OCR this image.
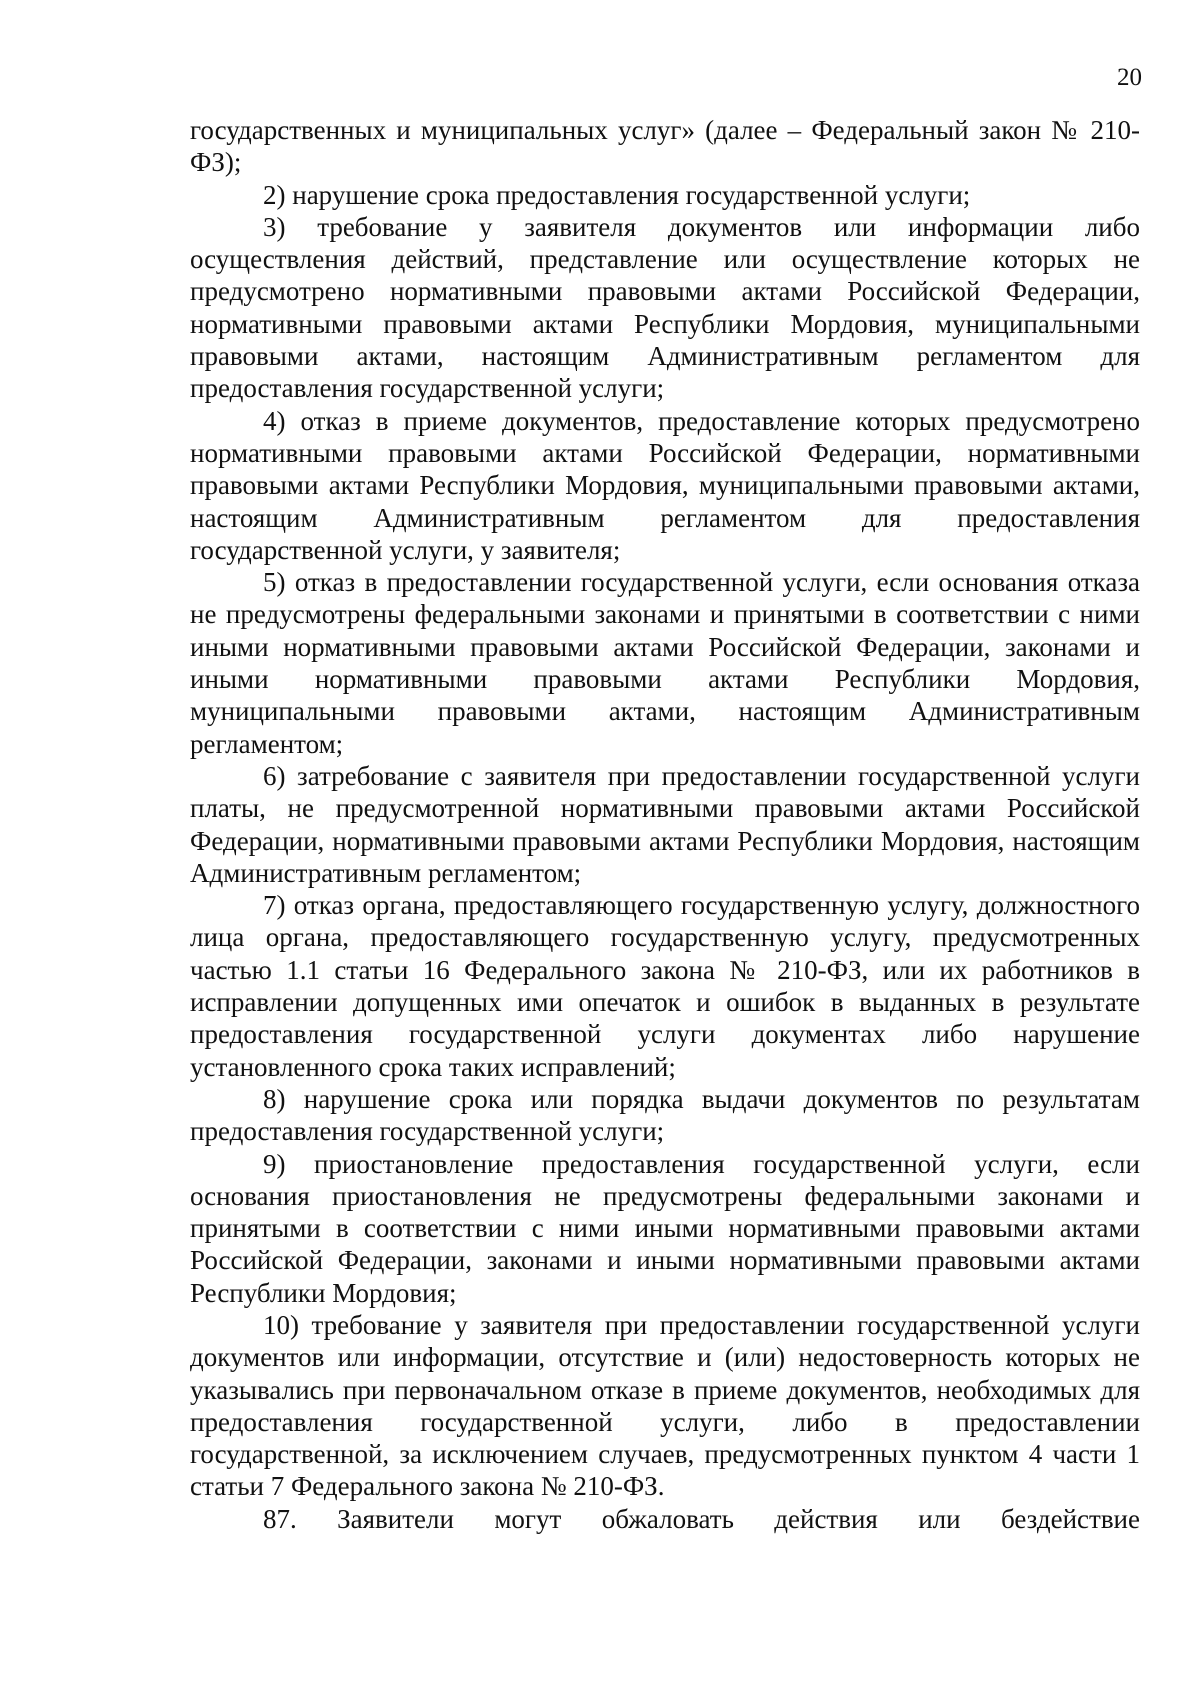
20

государственных и муниципальных услуг» (далее – Федеральный закон № 210-ФЗ);

2) нарушение срока предоставления государственной услуги;

3) требование у заявителя документов или информации либо осуществления действий, представление или осуществление которых не предусмотрено нормативными правовыми актами Российской Федерации, нормативными правовыми актами Республики Мордовия, муниципальными правовыми актами, настоящим Административным регламентом для предоставления государственной услуги;

4) отказ в приеме документов, предоставление которых предусмотрено нормативными правовыми актами Российской Федерации, нормативными правовыми актами Республики Мордовия, муниципальными правовыми актами, настоящим Административным регламентом для предоставления государственной услуги, у заявителя;

5) отказ в предоставлении государственной услуги, если основания отказа не предусмотрены федеральными законами и принятыми в соответствии с ними иными нормативными правовыми актами Российской Федерации, законами и иными нормативными правовыми актами Республики Мордовия, муниципальными правовыми актами, настоящим Административным регламентом;

6) затребование с заявителя при предоставлении государственной услуги платы, не предусмотренной нормативными правовыми актами Российской Федерации, нормативными правовыми актами Республики Мордовия, настоящим Административным регламентом;

7) отказ органа, предоставляющего государственную услугу, должностного лица органа, предоставляющего государственную услугу, предусмотренных частью 1.1 статьи 16 Федерального закона № 210-ФЗ, или их работников в исправлении допущенных ими опечаток и ошибок в выданных в результате предоставления государственной услуги документах либо нарушение установленного срока таких исправлений;

8) нарушение срока или порядка выдачи документов по результатам предоставления государственной услуги;

9) приостановление предоставления государственной услуги, если основания приостановления не предусмотрены федеральными законами и принятыми в соответствии с ними иными нормативными правовыми актами Российской Федерации, законами и иными нормативными правовыми актами Республики Мордовия;

10) требование у заявителя при предоставлении государственной услуги документов или информации, отсутствие и (или) недостоверность которых не указывались при первоначальном отказе в приеме документов, необходимых для предоставления государственной услуги, либо в предоставлении государственной, за исключением случаев, предусмотренных пунктом 4 части 1 статьи 7 Федерального закона № 210-ФЗ.

87. Заявители могут обжаловать действия или бездействие
